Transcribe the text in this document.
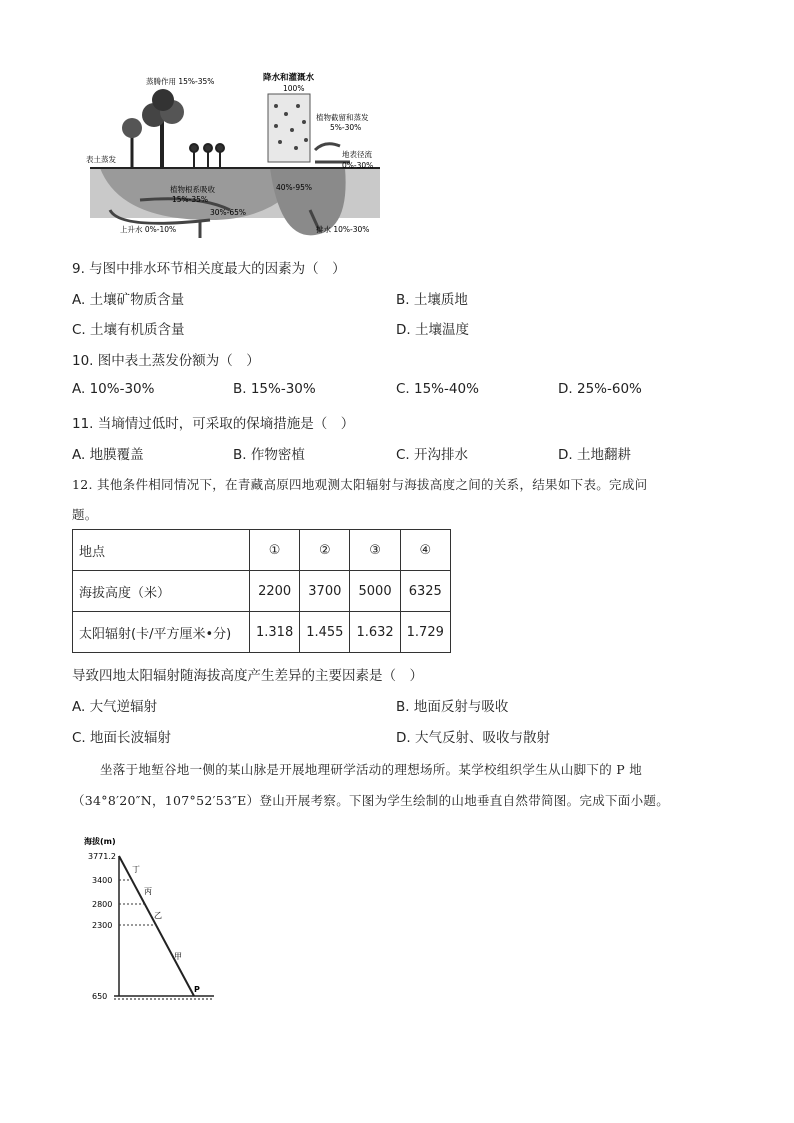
蒸腾作用 15%-35%	降水和灌溉水
100%
植物截留和蒸发
5%-30%
表土蒸发
地表径流
0%-30%
40%-95%
植物根系吸收
15%-35%
30%-65%
上升水 0%-10%	排水 10%-30%
9. 与图中排水环节相关度最大的因素为（　）
A. 土壤矿物质含量	B. 土壤质地
C. 土壤有机质含量	D. 土壤温度
10. 图中表土蒸发份额为（　）
A. 10%-30%	B. 15%-30%	C. 15%-40%	D. 25%-60%
11. 当墒情过低时，可采取的保墒措施是（　）
A. 地膜覆盖	B. 作物密植	C. 开沟排水	D. 土地翻耕
12. 其他条件相同情况下，在青藏高原四地观测太阳辐射与海拔高度之间的关系，结果如下表。完成问
题。
地点	①	②	③	④
海拔高度（米）	2200	3700	5000	6325
太阳辐射(卡/平方厘米•分)	1.318	1.455	1.632	1.729
导致四地太阳辐射随海拔高度产生差异的主要因素是（　）
A. 大气逆辐射	B. 地面反射与吸收
C. 地面长波辐射	D. 大气反射、吸收与散射
坐落于地堑谷地一侧的某山脉是开展地理研学活动的理想场所。某学校组织学生从山脚下的 P 地
（34°8′20″N，107°52′53″E）登山开展考察。下图为学生绘制的山地垂直自然带简图。完成下面小题。
海拔(m)
3771.2
3400
2800
2300
650
丁
丙
乙
甲
P
